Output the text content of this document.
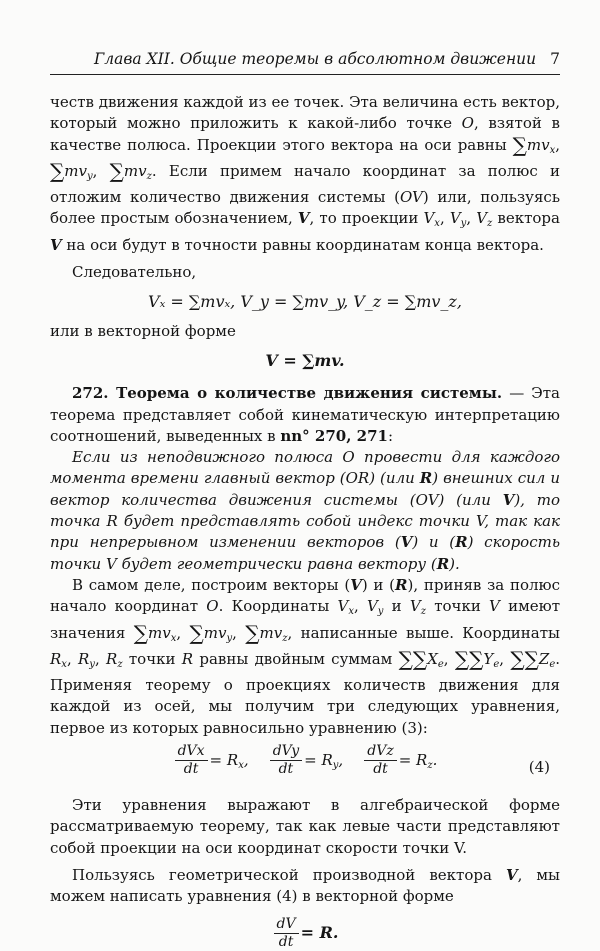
Глава XII. Общие теоремы в абсолютном движении 7

честв движения каждой из ее точек. Эта величина есть вектор, который можно приложить к какой-либо точке O, взятой в качестве полюса. Проекции этого вектора на оси равны $\sum mv_x$, $\sum mv_y$, $\sum mv_z$. Если примем начало координат за полюс и отложим количество движения системы (OV) или, пользуясь более простым обозначением, V, то проекции $V_x$, $V_y$, $V_z$ вектора V на оси будут в точности равны координатам конца вектора.

Следовательно,

Vₓ = ∑mvₓ, V_y = ∑mv_y, V_z = ∑mv_z,

или в векторной форме

V = ∑mv.

272. Теорема о количестве движения системы. — Эта теорема представляет собой кинематическую интерпретацию соотношений, выведенных в nn° 270, 271:

Если из неподвижного полюса O провести для каждого момента времени главный вектор (OR) (или R) внешних сил и вектор количества движения системы (OV) (или V), то точка R будет представлять собой индекс точки V, так как при непрерывном изменении векторов (V) и (R) скорость точки V будет геометрически равна вектору (R).

В самом деле, построим векторы (V) и (R), приняв за полюс начало координат O. Координаты $V_x$, $V_y$ и $V_z$ точки V имеют значения $\sum mv_x$, $\sum mv_y$, $\sum mv_z$, написанные выше. Координаты $R_x$, $R_y$, $R_z$ точки R равны двойным суммам $\sum\sum X_e$, $\sum\sum Y_e$, $\sum\sum Z_e$. Применяя теорему о проекциях количеств движения для каждой из осей, мы получим три следующих уравнения, первое из которых равносильно уравнению (3):

$\frac{\text{dVx}}{dt} = R_x$, $\frac{\text{dVy}}{dt} = R_y$, $\frac{\text{dVz}}{dt} = R_z$.	(4)

Эти уравнения выражают в алгебраической форме рассматриваемую теорему, так как левые части представляют собой проекции на оси координат скорости точки V.

Пользуясь геометрической производной вектора V, мы можем написать уравнения (4) в векторной форме

$\frac{dV}{dt} = R$.
